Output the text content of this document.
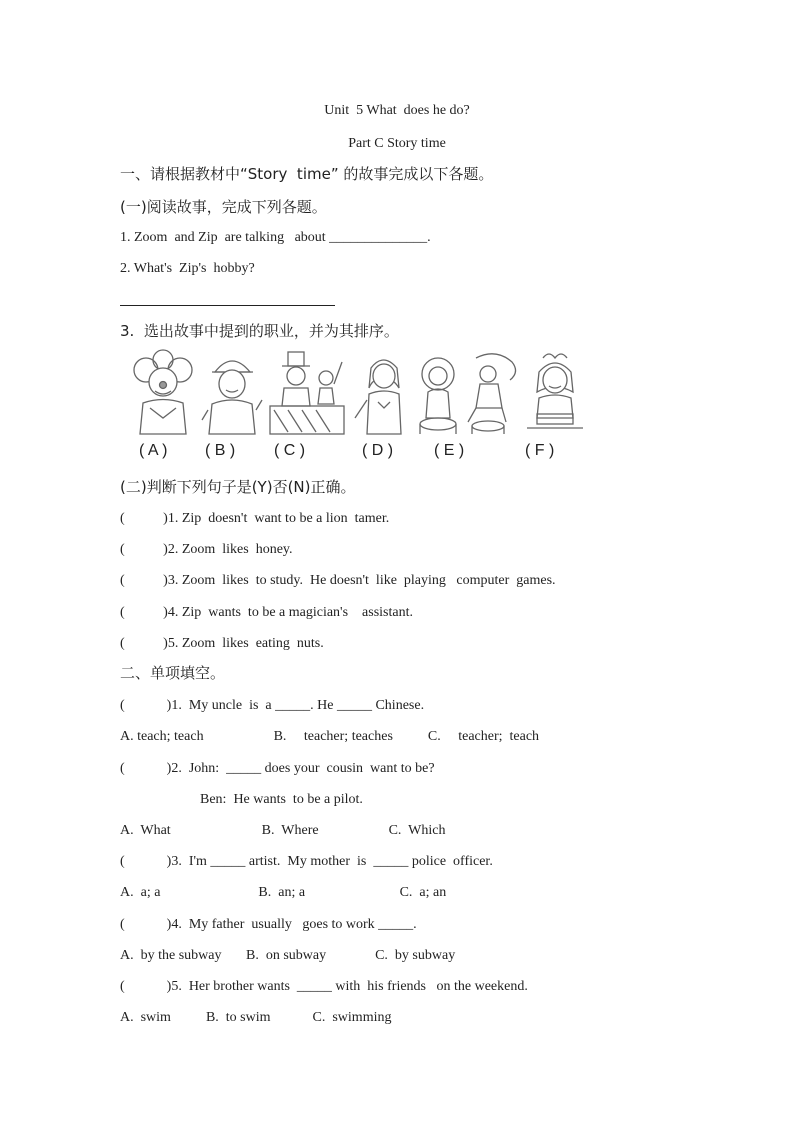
Unit  5 What  does he do?
Part C Story time
一、请根据教材中“Story  time” 的故事完成以下各题。
(一)阅读故事，完成下列各题。
1. Zoom  and Zip  are talking   about ______________.
2. What's  Zip's  hobby?
3.  选出故事中提到的职业，并为其排序。
( A ) ( B ) ( C )	( D )	( E )	( F )
(二)判断下列句子是(Y)否(N)正确。
(           )1. Zip  doesn't  want to be a lion  tamer.
(           )2. Zoom  likes  honey.
(           )3. Zoom  likes  to study.  He doesn't  like  playing   computer  games.
(           )4. Zip  wants  to be a magician's    assistant.
(           )5. Zoom  likes  eating  nuts.
二、单项填空。
(            )1.  My uncle  is  a _____. He _____ Chinese.
A. teach; teach                    B.     teacher; teaches          C.     teacher;  teach
(            )2.  John:  _____ does your  cousin  want to be?
Ben:  He wants  to be a pilot.
A.  What                          B.  Where                    C.  Which
(            )3.  I'm _____ artist.  My mother  is  _____ police  officer.
A.  a; a                            B.  an; a                           C.  a; an
(            )4.  My father  usually   goes to work _____.
A.  by the subway       B.  on subway              C.  by subway
(            )5.  Her brother wants  _____ with  his friends   on the weekend.
A.  swim          B.  to swim            C.  swimming
